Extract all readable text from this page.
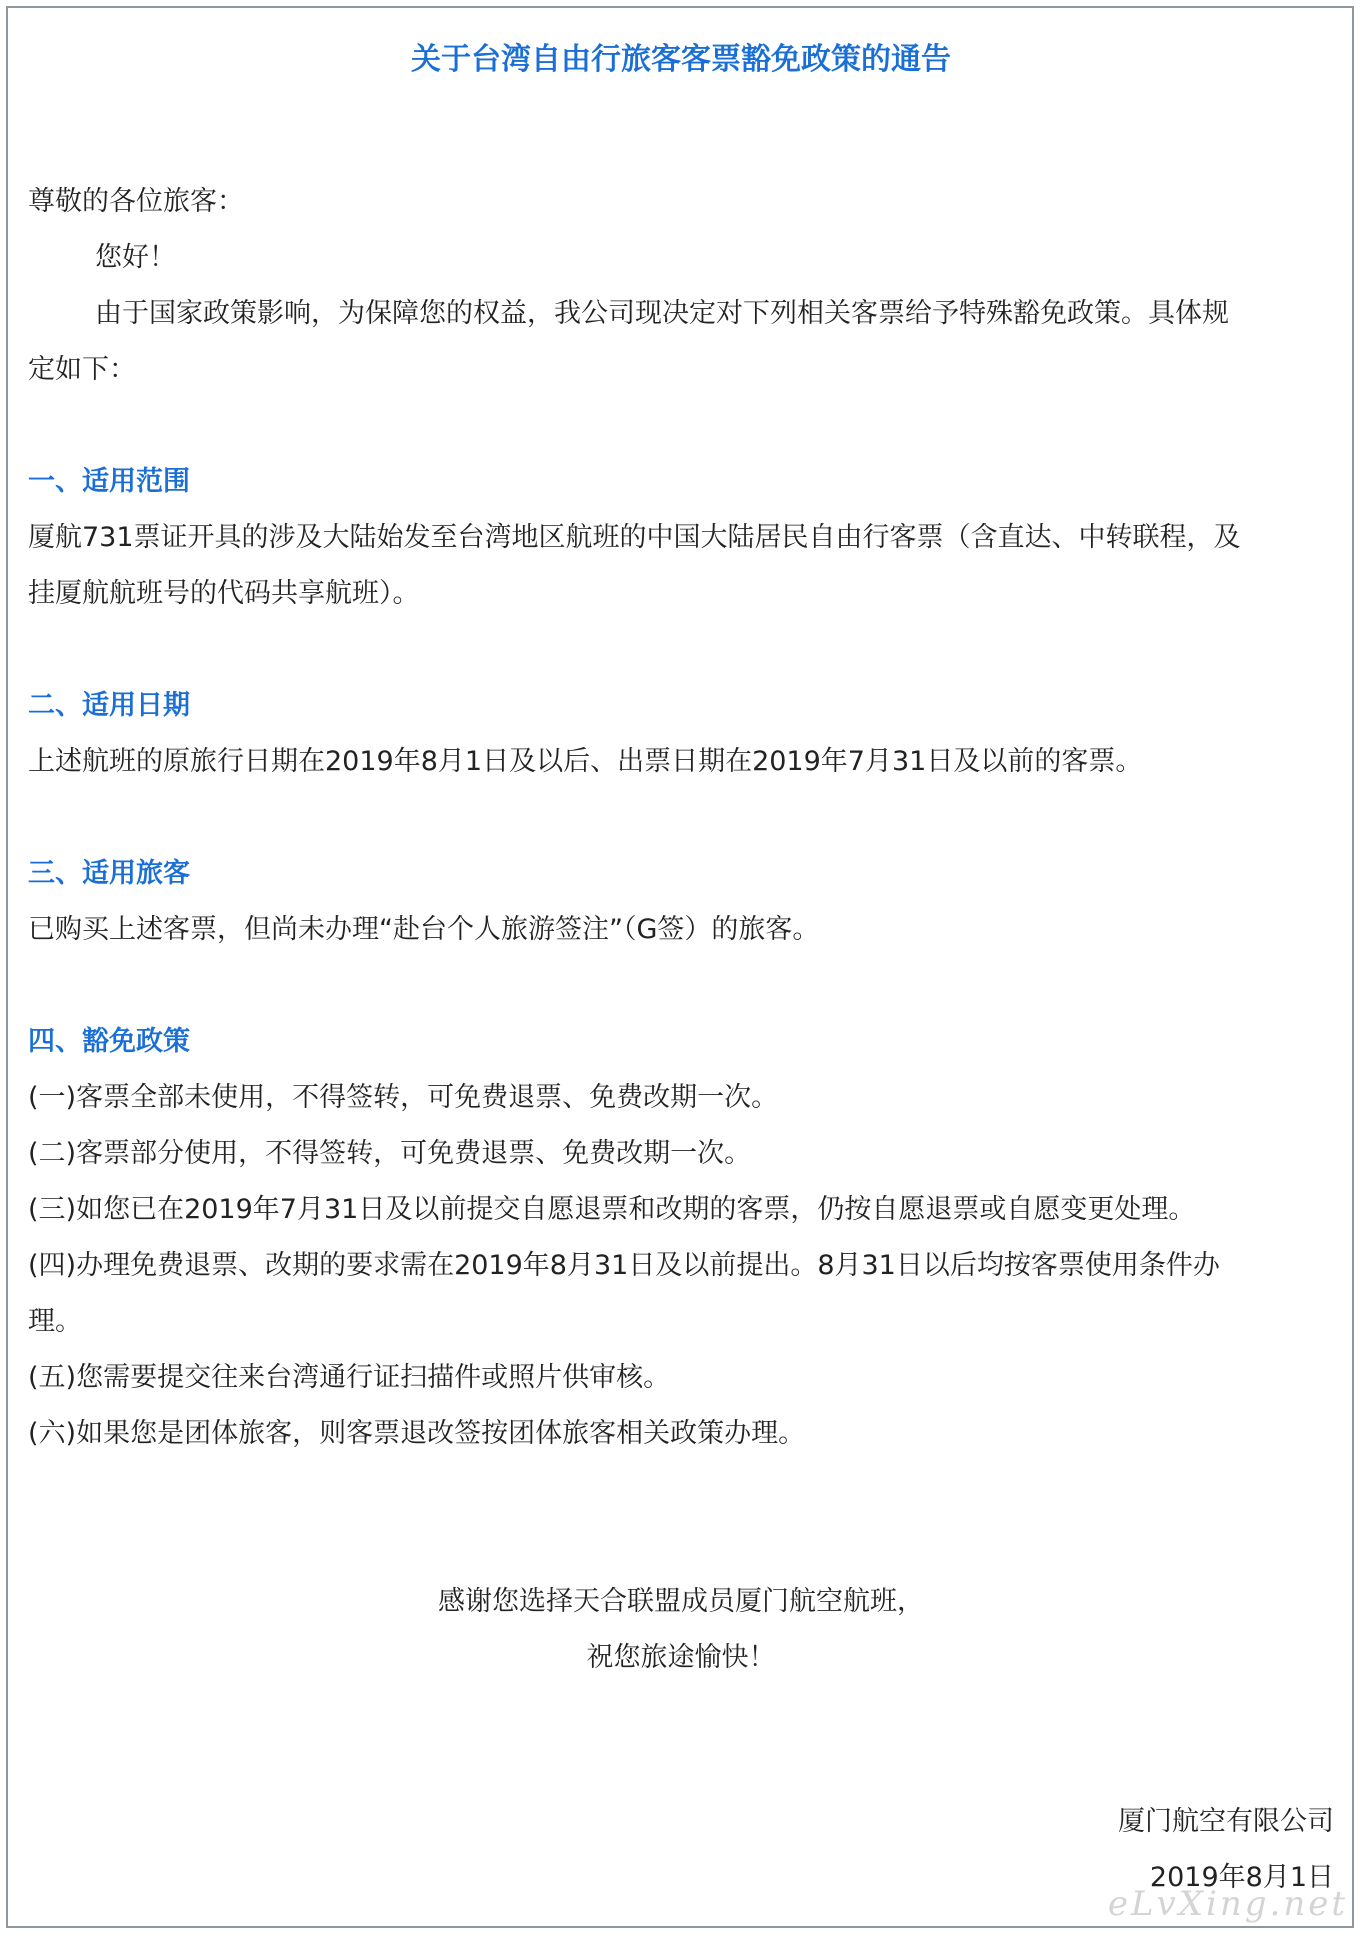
关于台湾自由行旅客客票豁免政策的通告
尊敬的各位旅客：
您好！
由于国家政策影响，为保障您的权益，我公司现决定对下列相关客票给予特殊豁免政策。具体规
定如下：
一、适用范围
厦航731票证开具的涉及大陆始发至台湾地区航班的中国大陆居民自由行客票（含直达、中转联程，及
挂厦航航班号的代码共享航班）。
二、适用日期
上述航班的原旅行日期在2019年8月1日及以后、出票日期在2019年7月31日及以前的客票。
三、适用旅客
已购买上述客票，但尚未办理“赴台个人旅游签注”（G签）的旅客。
四、豁免政策
(一)客票全部未使用，不得签转，可免费退票、免费改期一次。
(二)客票部分使用，不得签转，可免费退票、免费改期一次。
(三)如您已在2019年7月31日及以前提交自愿退票和改期的客票，仍按自愿退票或自愿变更处理。
(四)办理免费退票、改期的要求需在2019年8月31日及以前提出。8月31日以后均按客票使用条件办
理。
(五)您需要提交往来台湾通行证扫描件或照片供审核。
(六)如果您是团体旅客，则客票退改签按团体旅客相关政策办理。
感谢您选择天合联盟成员厦门航空航班，
祝您旅途愉快！
厦门航空有限公司
2019年8月1日
eLvXing.net
